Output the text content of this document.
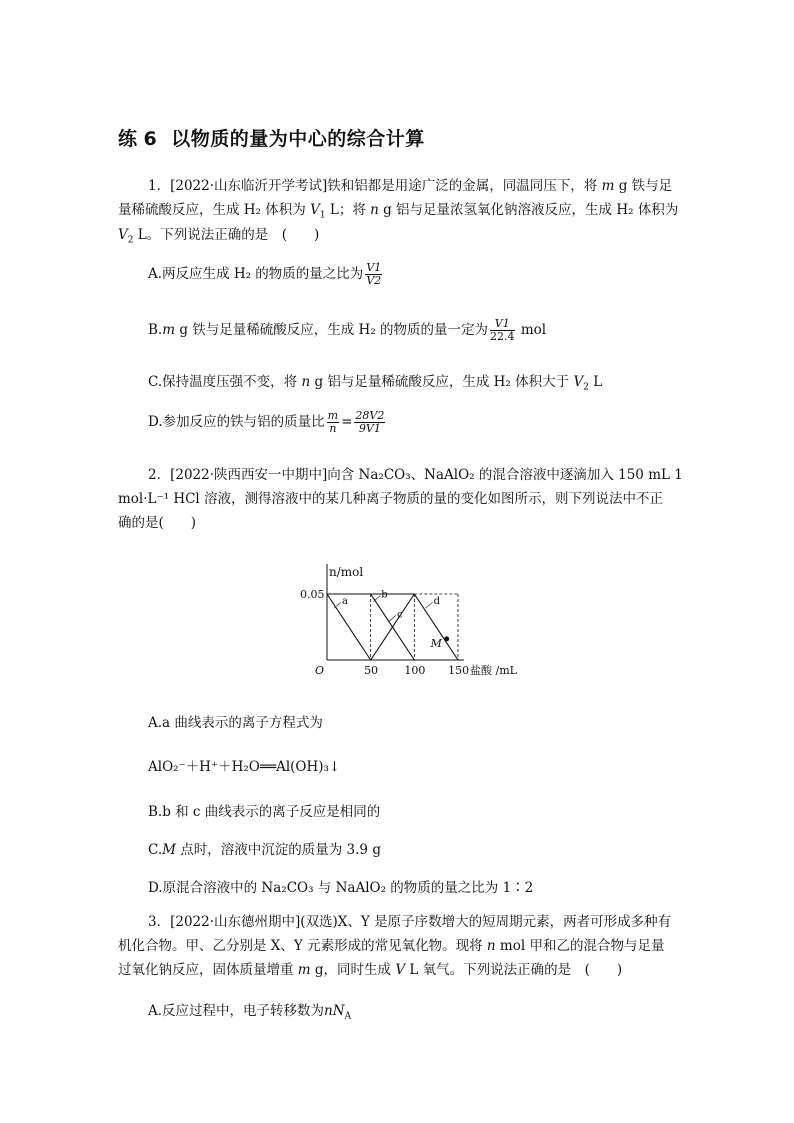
练 6 以物质的量为中心的综合计算
1．[2022·山东临沂开学考试]铁和铝都是用途广泛的金属，同温同压下，将 m g 铁与足
量稀硫酸反应，生成 H₂ 体积为 $V_1$ L；将 n g 铝与足量浓氢氧化钠溶液反应，生成 H₂ 体积为
$V_2$ L。下列说法正确的是　(　　)
A.两反应生成 H₂ 的物质的量之比为 $\frac{V1}{V2}$
B.m g 铁与足量稀硫酸反应，生成 H₂ 的物质的量一定为 $\frac{V1}{22.4}$ mol
C.保持温度压强不变，将 n g 铝与足量稀硫酸反应，生成 H₂ 体积大于 $V_2$ L
D.参加反应的铁与铝的质量比 $\frac{m}{n} = \frac{28V2}{9V1}$
2．[2022·陕西西安一中期中]向含 Na₂CO₃、NaAlO₂ 的混合溶液中逐滴加入 150 mL 1
mol·L⁻¹ HCl 溶液，测得溶液中的某几种离子物质的量的变化如图所示，则下列说法中不正
确的是(　　)
a
b
c
d
M
n/mol
0.05
O	50 100 150 盐酸 /mL
A.a 曲线表示的离子方程式为
AlO₂⁻＋H⁺＋H₂O══Al(OH)₃↓
B.b 和 c 曲线表示的离子反应是相同的
C.M 点时，溶液中沉淀的质量为 3.9 g
D.原混合溶液中的 Na₂CO₃ 与 NaAlO₂ 的物质的量之比为 1∶2
3．[2022·山东德州期中](双选)X、Y 是原子序数增大的短周期元素，两者可形成多种有
机化合物。甲、乙分别是 X、Y 元素形成的常见氧化物。现将 n mol 甲和乙的混合物与足量
过氧化钠反应，固体质量增重 m g，同时生成 V L 氧气。下列说法正确的是　(　　)
A.反应过程中，电子转移数为$nN_A$
